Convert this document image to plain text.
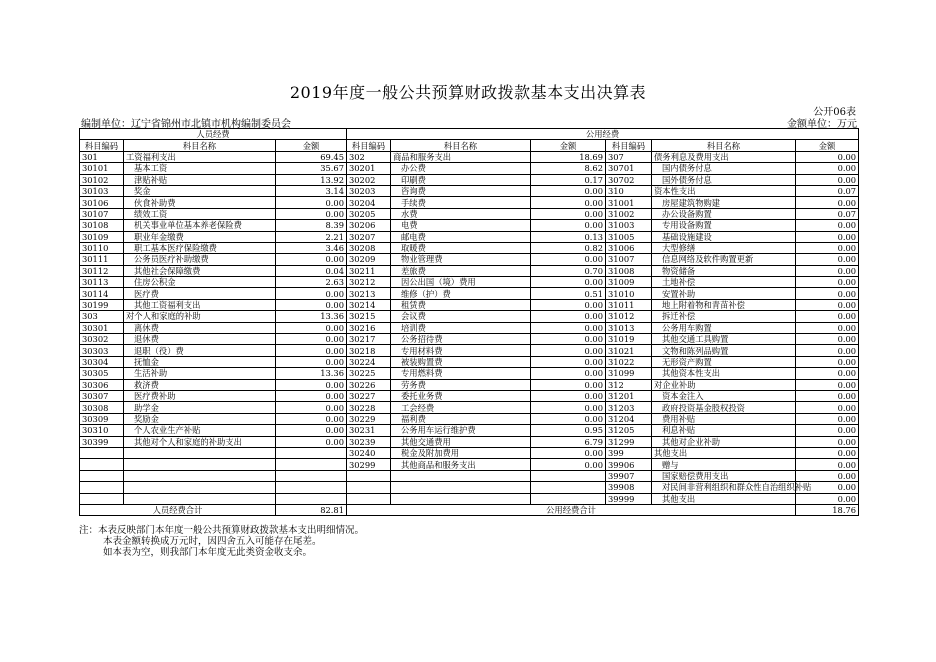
2019年度一般公共预算财政拨款基本支出决算表
公开06表
编制单位：辽宁省锦州市北镇市机构编制委员会	金额单位：万元
人员经费			公用经费					
科目编码	科目名称	金额	科目编码	科目名称	金额	科目编码	科目名称	金额
301	工资福利支出	69.45	302	商品和服务支出	18.69	307	债务利息及费用支出	0.00
30101	基本工资	35.67	30201	办公费	8.62	30701	国内债务付息	0.00
30102	津贴补贴	13.92	30202	印刷费	0.17	30702	国外债务付息	0.00
30103	奖金	3.14	30203	咨询费	0.00	310	资本性支出	0.07
30106	伙食补助费	0.00	30204	手续费	0.00	31001	房屋建筑物购建	0.00
30107	绩效工资	0.00	30205	水费	0.00	31002	办公设备购置	0.07
30108	机关事业单位基本养老保险费	8.39	30206	电费	0.00	31003	专用设备购置	0.00
30109	职业年金缴费	2.21	30207	邮电费	0.13	31005	基础设施建设	0.00
30110	职工基本医疗保险缴费	3.46	30208	取暖费	0.82	31006	大型修缮	0.00
30111	公务员医疗补助缴费	0.00	30209	物业管理费	0.00	31007	信息网络及软件购置更新	0.00
30112	其他社会保障缴费	0.04	30211	差旅费	0.70	31008	物资储备	0.00
30113	住房公积金	2.63	30212	因公出国（境）费用	0.00	31009	土地补偿	0.00
30114	医疗费	0.00	30213	维修（护）费	0.51	31010	安置补助	0.00
30199	其他工资福利支出	0.00	30214	租赁费	0.00	31011	地上附着物和青苗补偿	0.00
303	对个人和家庭的补助	13.36	30215	会议费	0.00	31012	拆迁补偿	0.00
30301	离休费	0.00	30216	培训费	0.00	31013	公务用车购置	0.00
30302	退休费	0.00	30217	公务招待费	0.00	31019	其他交通工具购置	0.00
30303	退职（役）费	0.00	30218	专用材料费	0.00	31021	文物和陈列品购置	0.00
30304	抚恤金	0.00	30224	被装购置费	0.00	31022	无形资产购置	0.00
30305	生活补助	13.36	30225	专用燃料费	0.00	31099	其他资本性支出	0.00
30306	救济费	0.00	30226	劳务费	0.00	312	对企业补助	0.00
30307	医疗费补助	0.00	30227	委托业务费	0.00	31201	资本金注入	0.00
30308	助学金	0.00	30228	工会经费	0.00	31203	政府投资基金股权投资	0.00
30309	奖励金	0.00	30229	福利费	0.00	31204	费用补贴	0.00
30310	个人农业生产补贴	0.00	30231	公务用车运行维护费	0.95	31205	利息补贴	0.00
30399	其他对个人和家庭的补助支出	0.00	30239	其他交通费用	6.79	31299	其他对企业补助	0.00
			30240	税金及附加费用	0.00	399	其他支出	0.00
			30299	其他商品和服务支出	0.00	39906	赠与	0.00
						39907	国家赔偿费用支出	0.00
						39908	对民间非营利组织和群众性自治组织补贴	0.00
						39999	其他支出	0.00
人员经费合计		82.81	公用经费合计					18.76
注：本表反映部门本年度一般公共预算财政拨款基本支出明细情况。
本表金额转换成万元时，因四舍五入可能存在尾差。
如本表为空，则我部门本年度无此类资金收支余。
